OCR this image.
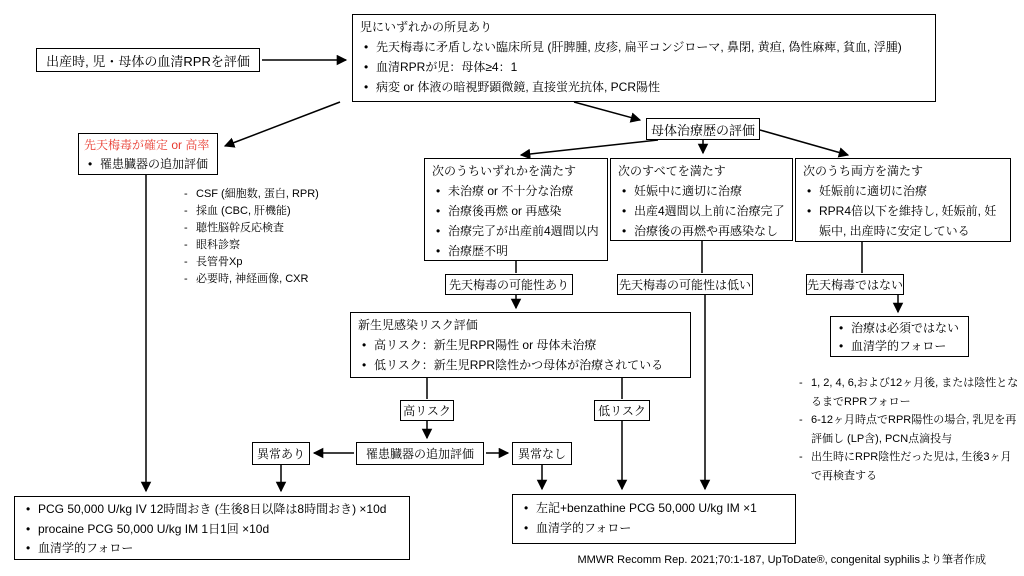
出産時, 児・母体の血清RPRを評価
児にいずれかの所見あり
• 先天梅毒に矛盾しない臨床所見 (肝脾腫, 皮疹, 扁平コンジローマ, 鼻閉, 黄疸, 偽性麻痺, 貧血, 浮腫)
• 血清RPRが児：母体≥4：1
• 病変 or 体液の暗視野顕微鏡, 直接蛍光抗体, PCR陽性
先天梅毒が確定 or 高率
• 罹患臓器の追加評価
- CSF (細胞数, 蛋白, RPR)
- 採血 (CBC, 肝機能)
- 聴性脳幹反応検査
- 眼科診察
- 長管骨Xp
- 必要時, 神経画像, CXR
母体治療歴の評価
次のうちいずれかを満たす
• 未治療 or 不十分な治療
• 治療後再燃 or 再感染
• 治療完了が出産前4週間以内
• 治療歴不明
次のすべてを満たす
• 妊娠中に適切に治療
• 出産4週間以上前に治療完了
• 治療後の再燃や再感染なし
次のうち両方を満たす
• 妊娠前に適切に治療
• RPR4倍以下を維持し, 妊娠前, 妊娠中, 出産時に安定している
先天梅毒の可能性あり	先天梅毒の可能性は低い	先天梅毒ではない
新生児感染リスク評価
• 高リスク：新生児RPR陽性 or 母体未治療
• 低リスク：新生児RPR陰性かつ母体が治療されている
• 治療は必須ではない
• 血清学的フォロー
- 1, 2, 4, 6,および12ヶ月後, または陰性となるまでRPRフォロー
- 6-12ヶ月時点でRPR陽性の場合, 乳児を再評価し (LP含), PCN点滴投与
- 出生時にRPR陰性だった児は, 生後3ヶ月で再検査する
高リスク	低リスク
異常あり	罹患臓器の追加評価	異常なし
• PCG 50,000 U/kg IV 12時間おき (生後8日以降は8時間おき) ×10d
• procaine PCG 50,000 U/kg IM 1日1回 ×10d
• 血清学的フォロー
• 左記+benzathine PCG 50,000 U/kg IM ×1
• 血清学的フォロー
MMWR Recomm Rep. 2021;70:1-187, UpToDate®, congenital syphilisより筆者作成
